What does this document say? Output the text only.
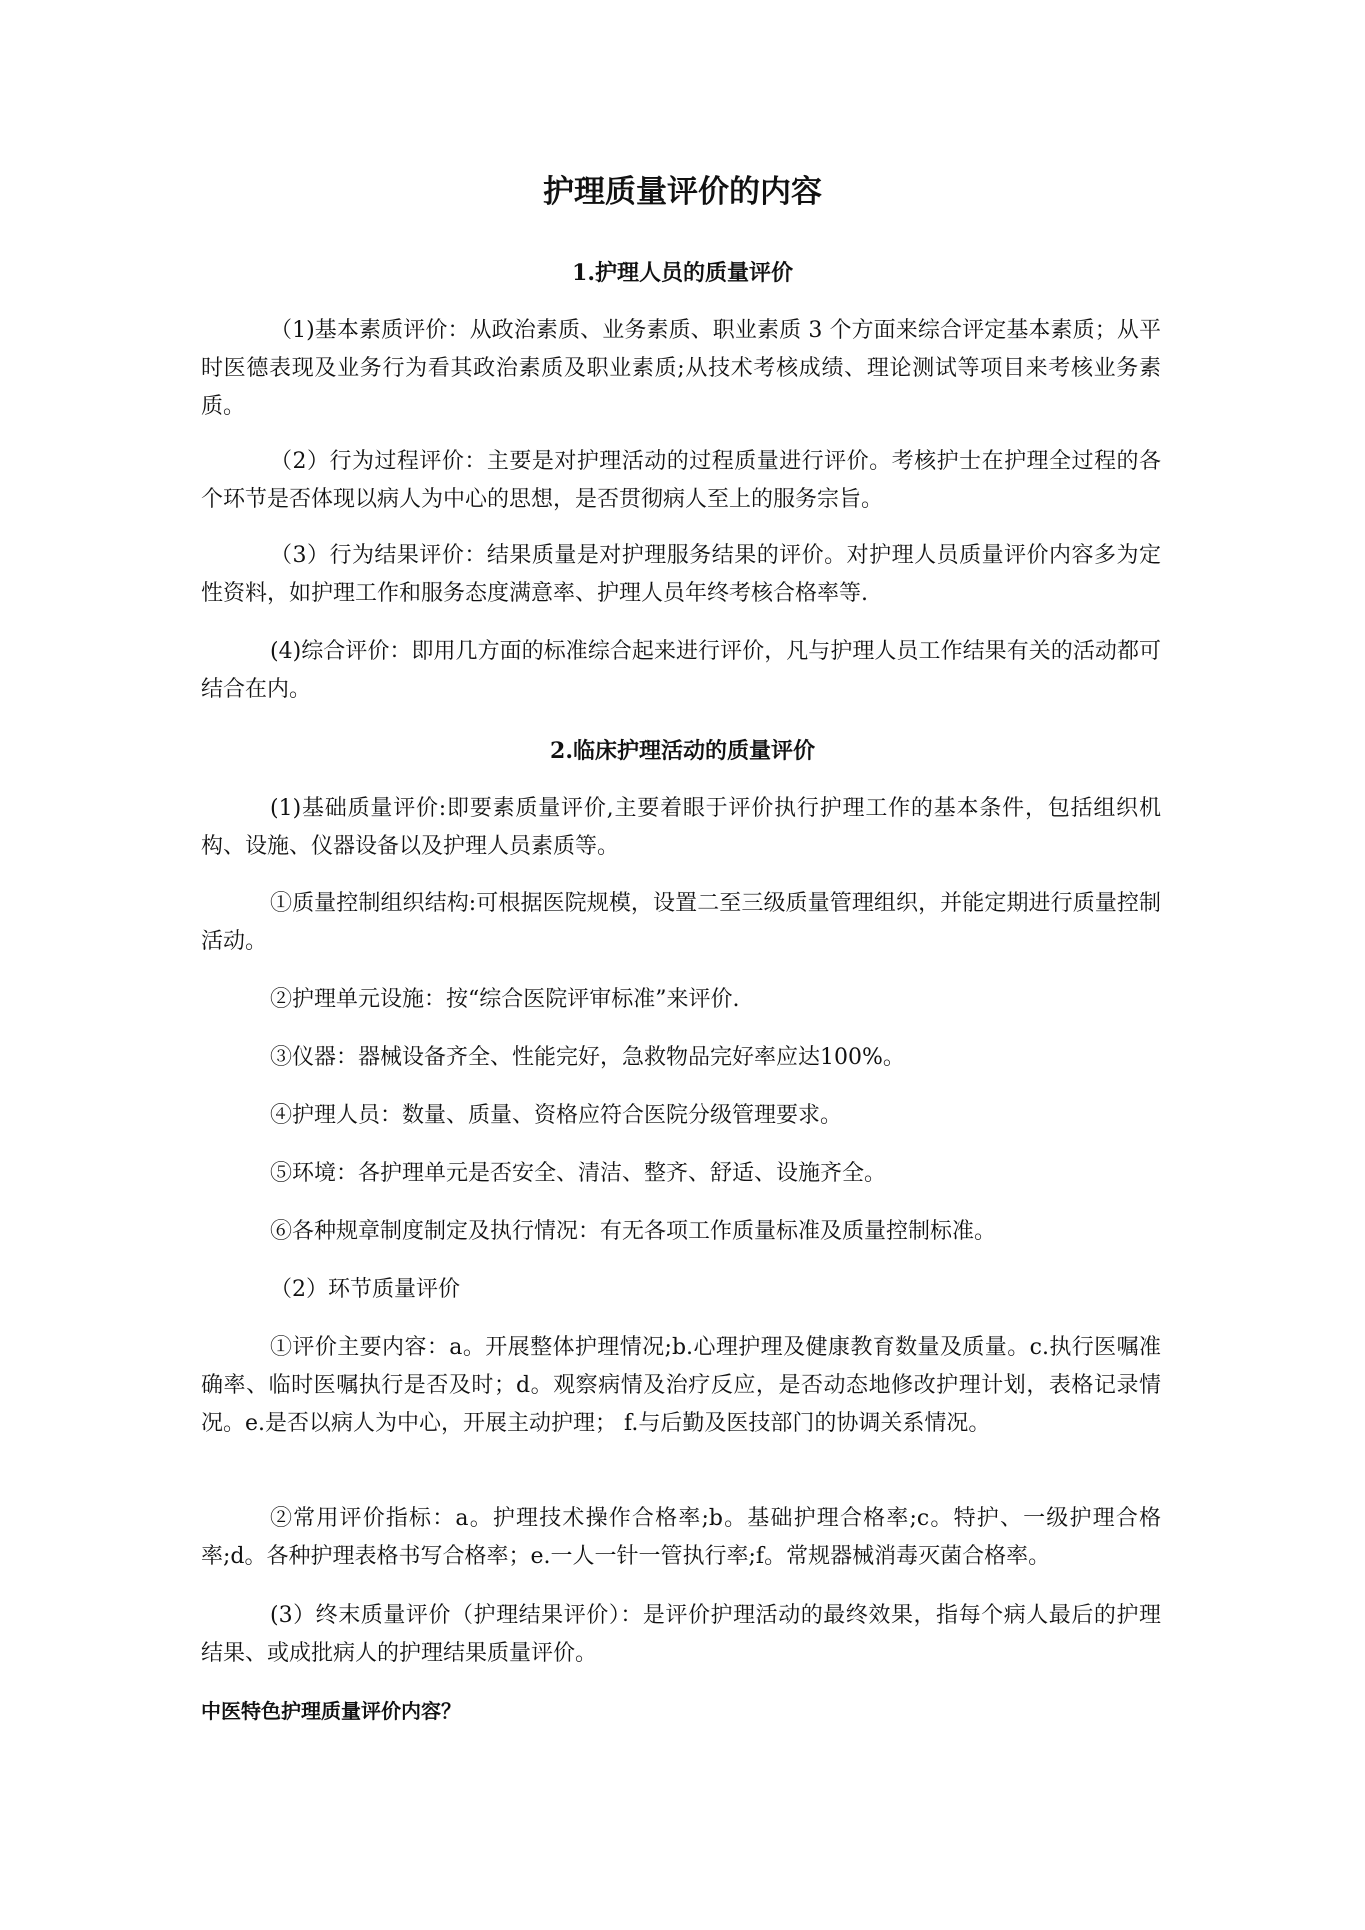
护理质量评价的内容
1.护理人员的质量评价

（1)基本素质评价：从政治素质、业务素质、职业素质 3 个方面来综合评定基本素质；从平时医德表现及业务行为看其政治素质及职业素质;从技术考核成绩、理论测试等项目来考核业务素质。

（2）行为过程评价：主要是对护理活动的过程质量进行评价。考核护士在护理全过程的各个环节是否体现以病人为中心的思想，是否贯彻病人至上的服务宗旨。

（3）行为结果评价：结果质量是对护理服务结果的评价。对护理人员质量评价内容多为定性资料，如护理工作和服务态度满意率、护理人员年终考核合格率等.

(4)综合评价：即用几方面的标准综合起来进行评价，凡与护理人员工作结果有关的活动都可结合在内。

2.临床护理活动的质量评价

(1)基础质量评价:即要素质量评价,主要着眼于评价执行护理工作的基本条件，包括组织机构、设施、仪器设备以及护理人员素质等。

①质量控制组织结构:可根据医院规模，设置二至三级质量管理组织，并能定期进行质量控制活动。

②护理单元设施：按“综合医院评审标准”来评价.

③仪器：器械设备齐全、性能完好，急救物品完好率应达100%。

④护理人员：数量、质量、资格应符合医院分级管理要求。

⑤环境：各护理单元是否安全、清洁、整齐、舒适、设施齐全。

⑥各种规章制度制定及执行情况：有无各项工作质量标准及质量控制标准。

（2）环节质量评价

①评价主要内容：a。开展整体护理情况;b.心理护理及健康教育数量及质量。c.执行医嘱准确率、临时医嘱执行是否及时；d。观察病情及治疗反应，是否动态地修改护理计划，表格记录情况。e.是否以病人为中心，开展主动护理； f.与后勤及医技部门的协调关系情况。

②常用评价指标：a。护理技术操作合格率;b。基础护理合格率;c。特护、一级护理合格率;d。各种护理表格书写合格率；e.一人一针一管执行率;f。常规器械消毒灭菌合格率。

(3）终末质量评价（护理结果评价）：是评价护理活动的最终效果，指每个病人最后的护理结果、或成批病人的护理结果质量评价。

中医特色护理质量评价内容？
